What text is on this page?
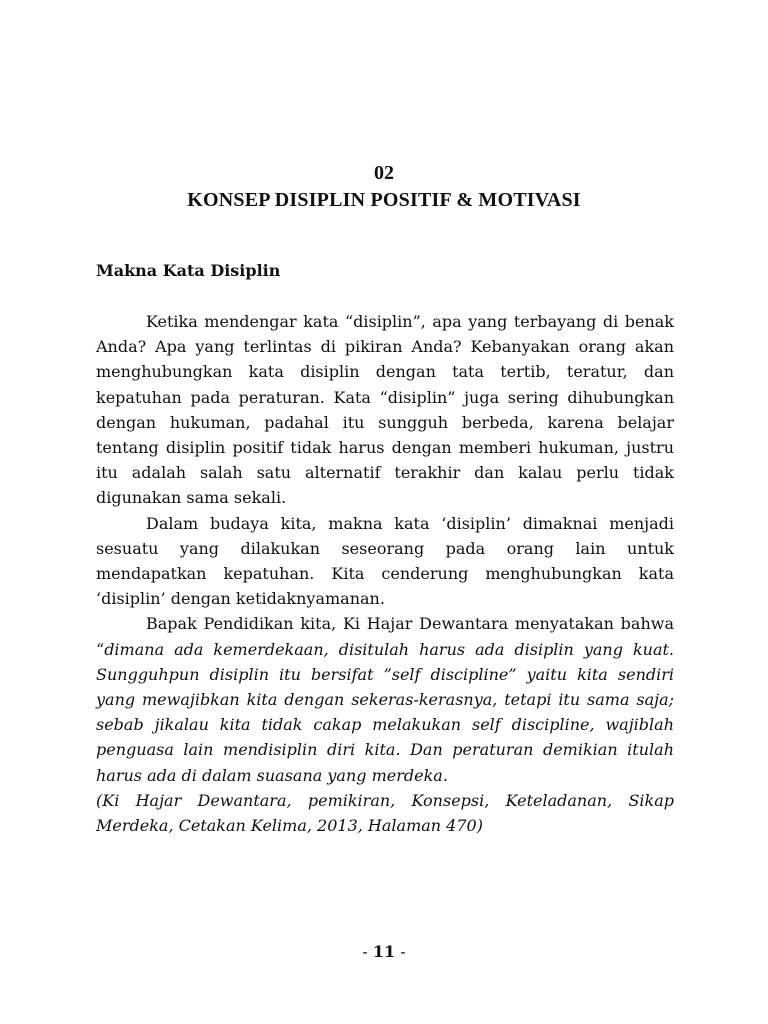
02
KONSEP DISIPLIN POSITIF & MOTIVASI
Makna Kata Disiplin

Ketika mendengar kata “disiplin”, apa yang terbayang di benak Anda? Apa yang terlintas di pikiran Anda? Kebanyakan orang akan menghubungkan kata disiplin dengan tata tertib, teratur, dan kepatuhan pada peraturan. Kata “disiplin” juga sering dihubungkan dengan hukuman, padahal itu sungguh berbeda, karena belajar tentang disiplin positif tidak harus dengan memberi hukuman, justru itu adalah salah satu alternatif terakhir dan kalau perlu tidak digunakan sama sekali.

Dalam budaya kita, makna kata ‘disiplin’ dimaknai menjadi sesuatu yang dilakukan seseorang pada orang lain untuk mendapatkan kepatuhan. Kita cenderung menghubungkan kata ‘disiplin’ dengan ketidaknyamanan.

Bapak Pendidikan kita, Ki Hajar Dewantara menyatakan bahwa “dimana ada kemerdekaan, disitulah harus ada disiplin yang kuat. Sungguhpun disiplin itu bersifat ”self discipline” yaitu kita sendiri yang mewajibkan kita dengan sekeras-kerasnya, tetapi itu sama saja; sebab jikalau kita tidak cakap melakukan self discipline, wajiblah penguasa lain mendisiplin diri kita. Dan peraturan demikian itulah harus ada di dalam suasana yang merdeka.

(Ki Hajar Dewantara, pemikiran, Konsepsi, Keteladanan, Sikap Merdeka, Cetakan Kelima, 2013, Halaman 470)
- 11 -
